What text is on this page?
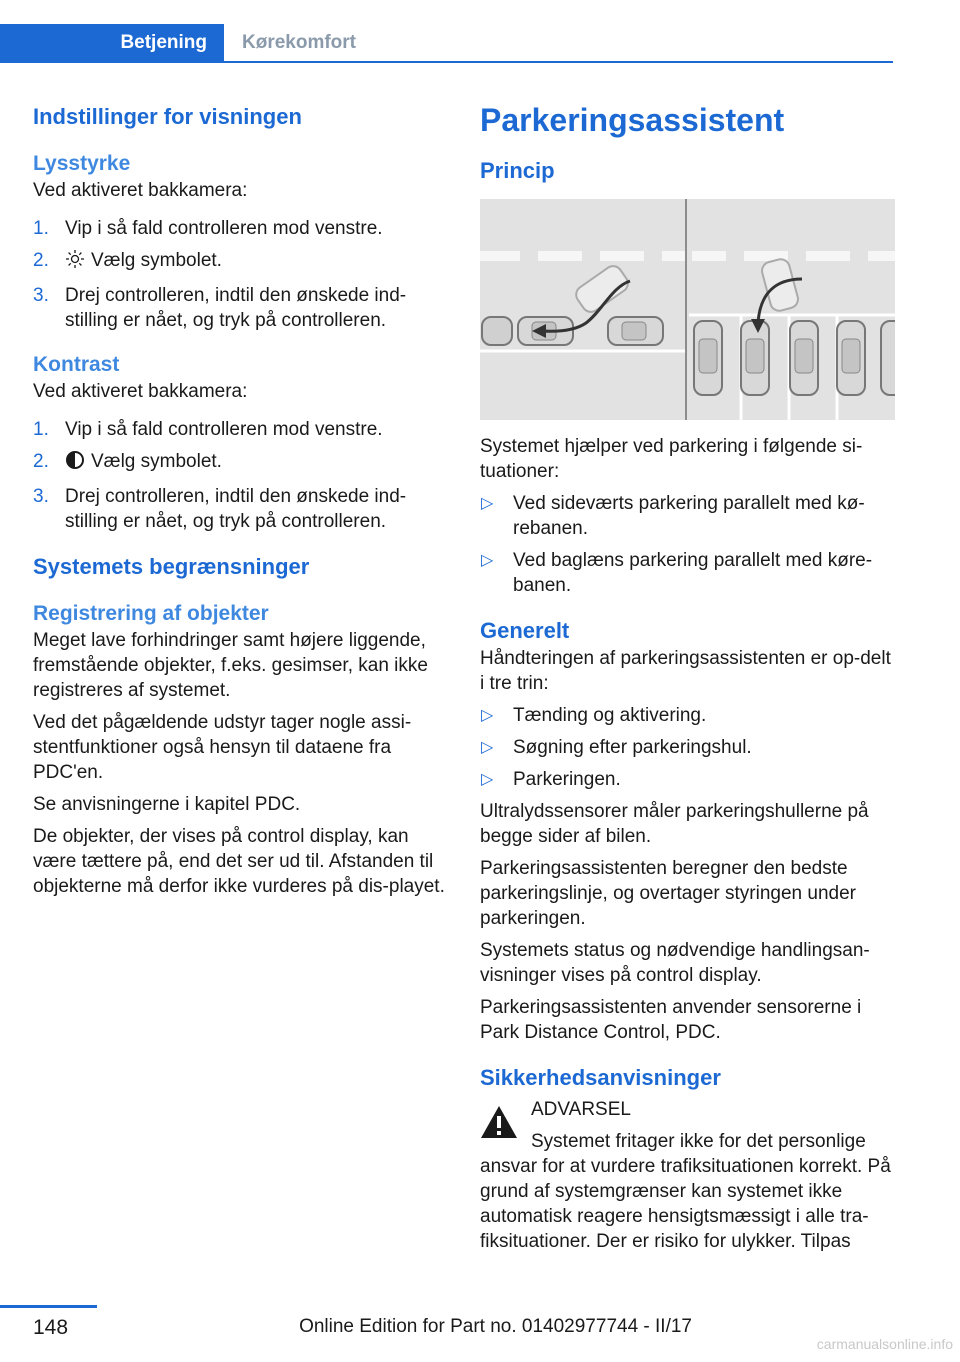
Betjening	Kørekomfort
Indstillinger for visningen
Lysstyrke

Ved aktiveret bakkamera:

1. Vip i så fald controlleren mod venstre.
2. Vælg symbolet.
3. Drej controlleren, indtil den ønskede ind-stilling er nået, og tryk på controlleren.
Kontrast

Ved aktiveret bakkamera:

1. Vip i så fald controlleren mod venstre.
2. Vælg symbolet.
3. Drej controlleren, indtil den ønskede ind-stilling er nået, og tryk på controlleren.
Systemets begrænsninger
Registrering af objekter

Meget lave forhindringer samt højere liggende, fremstående objekter, f.eks. gesimser, kan ikke registreres af systemet.

Ved det pågældende udstyr tager nogle assi-stentfunktioner også hensyn til dataene fra PDC'en.

Se anvisningerne i kapitel PDC.

De objekter, der vises på control display, kan være tættere på, end det ser ud til. Afstanden til objekterne må derfor ikke vurderes på dis-playet.

Parkeringsassistent
Princip

Systemet hjælper ved parkering i følgende si-tuationer:

▷ Ved sideværts parkering parallelt med kø-rebanen.
▷ Ved baglæns parkering parallelt med køre-banen.
Generelt

Håndteringen af parkeringsassistenten er op-delt i tre trin:

▷ Tænding og aktivering.
▷ Søgning efter parkeringshul.
▷ Parkeringen.

Ultralydssensorer måler parkeringshullerne på begge sider af bilen.

Parkeringsassistenten beregner den bedste parkeringslinje, og overtager styringen under parkeringen.

Systemets status og nødvendige handlingsan-visninger vises på control display.

Parkeringsassistenten anvender sensorerne i Park Distance Control, PDC.

Sikkerhedsanvisninger

ADVARSEL

Systemet fritager ikke for det personlige

ansvar for at vurdere trafiksituationen korrekt. På grund af systemgrænser kan systemet ikke automatisk reagere hensigtsmæssigt i alle tra-fiksituationer. Der er risiko for ulykker. Tilpas

148	Online Edition for Part no. 01402977744 - II/17
carmanualsonline.info
